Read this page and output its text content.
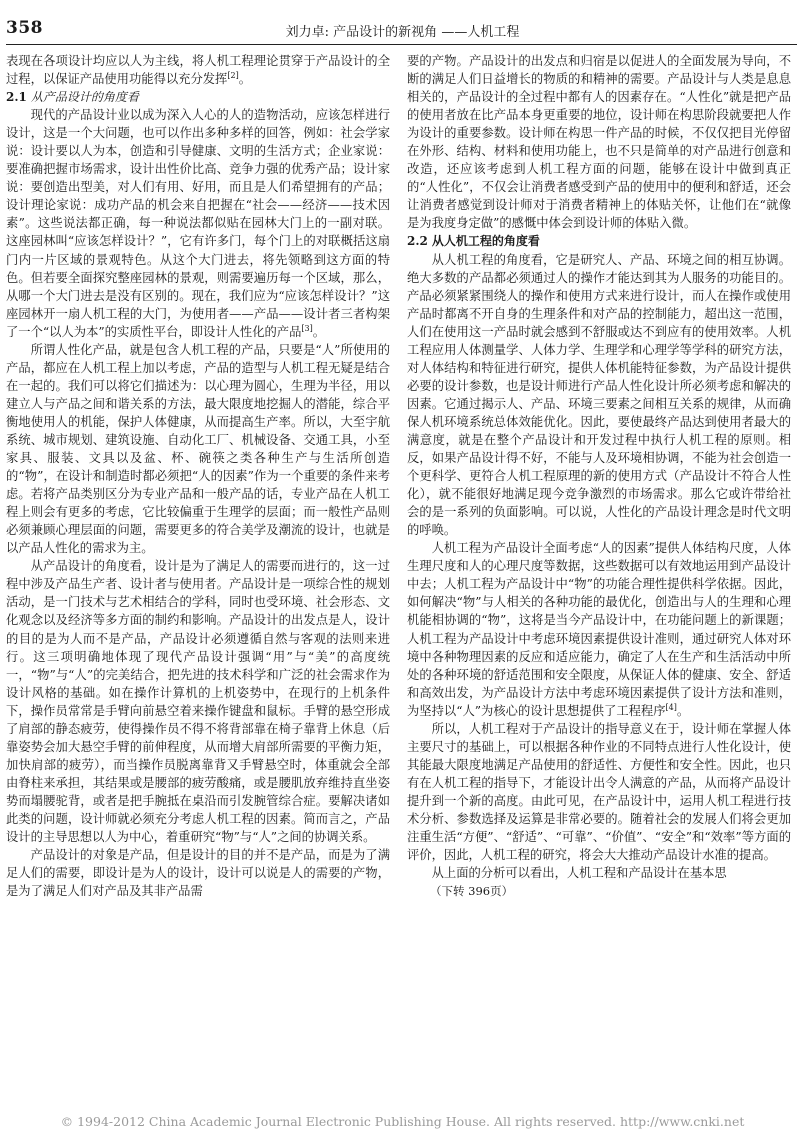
358	刘力卓: 产品设计的新视角 ——人机工程

表现在各项设计均应以人为主线，将人机工程理论贯穿于产品设计的全过程，以保证产品使用功能得以充分发挥[2]。

2.1 从产品设计的角度看

现代的产品设计业以成为深入人心的人的造物活动，应该怎样进行设计，这是一个大问题，也可以作出多种多样的回答，例如：社会学家说：设计要以人为本，创造和引导健康、文明的生活方式；企业家说：要准确把握市场需求，设计出性价比高、竞争力强的优秀产品；设计家说：要创造出型美，对人们有用、好用，而且是人们希望拥有的产品；设计理论家说：成功产品的机会来自把握在“社会——经济——技术因素”。这些说法都正确，每一种说法都似贴在园林大门上的一副对联。这座园林叫“应该怎样设计？”，它有许多门，每个门上的对联概括这扇门内一片区域的景观特色。从这个大门进去，将先领略到这方面的特色。但若要全面探究整座园林的景观，则需要遍历每一个区域，那么，从哪一个大门进去是没有区别的。现在，我们应为“应该怎样设计？”这座园林开一扇人机工程的大门，为使用者——产品——设计者三者构架了一个“以人为本”的实质性平台，即设计人性化的产品[3]。

所谓人性化产品，就是包含人机工程的产品，只要是“人”所使用的产品，都应在人机工程上加以考虑，产品的造型与人机工程无疑是结合在一起的。我们可以将它们描述为：以心理为圆心，生理为半径，用以建立人与产品之间和谐关系的方法，最大限度地挖掘人的潜能，综合平衡地使用人的机能，保护人体健康，从而提高生产率。所以，大至宇航系统、城市规划、建筑设施、自动化工厂、机械设备、交通工具，小至家具、服装、文具以及盆、杯、碗筷之类各种生产与生活所创造的“物”，在设计和制造时都必须把“人的因素”作为一个重要的条件来考虑。若将产品类别区分为专业产品和一般产品的话，专业产品在人机工程上则会有更多的考虑，它比较偏重于生理学的层面；而一般性产品则必须兼顾心理层面的问题，需要更多的符合美学及潮流的设计，也就是以产品人性化的需求为主。

从产品设计的角度看，设计是为了满足人的需要而进行的，这一过程中涉及产品生产者、设计者与使用者。产品设计是一项综合性的规划活动，是一门技术与艺术相结合的学科，同时也受环境、社会形态、文化观念以及经济等多方面的制约和影响。产品设计的出发点是人，设计的目的是为人而不是产品，产品设计必须遵循自然与客观的法则来进行。这三项明确地体现了现代产品设计强调“用”与“美”的高度统一，“物”与“人”的完美结合，把先进的技术科学和广泛的社会需求作为设计风格的基础。如在操作计算机的上机姿势中，在现行的上机条件下，操作员常常是手臂向前悬空着来操作键盘和鼠标。手臂的悬空形成了肩部的静态疲劳，使得操作员不得不将背部靠在椅子靠背上休息（后靠姿势会加大悬空手臂的前伸程度，从而增大肩部所需要的平衡力矩，加快肩部的疲劳），而当操作员脱离靠背又手臂悬空时，体重就会全部由脊柱来承担，其结果或是腰部的疲劳酸痛，或是腰肌放弃维持直坐姿势而塌腰驼背，或者是把手腕抵在桌沿而引发腕管综合症。要解决诸如此类的问题，设计师就必须充分考虑人机工程的因素。简而言之，产品设计的主导思想以人为中心，着重研究“物”与“人”之间的协调关系。

产品设计的对象是产品，但是设计的目的并不是产品，而是为了满足人们的需要，即设计是为人的设计，设计可以说是人的需要的产物，是为了满足人们对产品及其非产品需

要的产物。产品设计的出发点和归宿是以促进人的全面发展为导向，不断的满足人们日益增长的物质的和精神的需要。产品设计与人类是息息相关的，产品设计的全过程中都有人的因素存在。“人性化”就是把产品的使用者放在比产品本身更重要的地位，设计师在构思阶段就要把人作为设计的重要参数。设计师在构思一件产品的时候，不仅仅把目光停留在外形、结构、材料和使用功能上，也不只是简单的对产品进行创意和改造，还应该考虑到人机工程方面的问题，能够在设计中做到真正的“人性化”，不仅会让消费者感受到产品的使用中的便利和舒适，还会让消费者感觉到设计师对于消费者精神上的体贴关怀，让他们在“就像是为我度身定做”的感慨中体会到设计师的体贴入微。

2.2 从人机工程的角度看

从人机工程的角度看，它是研究人、产品、环境之间的相互协调。绝大多数的产品都必须通过人的操作才能达到其为人服务的功能目的。产品必须紧紧围绕人的操作和使用方式来进行设计，而人在操作或使用产品时都离不开自身的生理条件和对产品的控制能力，超出这一范围，人们在使用这一产品时就会感到不舒服或达不到应有的使用效率。人机工程应用人体测量学、人体力学、生理学和心理学等学科的研究方法，对人体结构和特征进行研究，提供人体机能特征参数，为产品设计提供必要的设计参数，也是设计师进行产品人性化设计所必须考虑和解决的因素。它通过揭示人、产品、环境三要素之间相互关系的规律，从而确保人机环境系统总体效能优化。因此，要使最终产品达到使用者最大的满意度，就是在整个产品设计和开发过程中执行人机工程的原则。相反，如果产品设计得不好，不能与人及环境相协调，不能为社会创造一个更科学、更符合人机工程原理的新的使用方式（产品设计不符合人性化），就不能很好地满足现今竞争激烈的市场需求。那么它或许带给社会的是一系列的负面影响。可以说，人性化的产品设计理念是时代文明的呼唤。

人机工程为产品设计全面考虑“人的因素”提供人体结构尺度，人体生理尺度和人的心理尺度等数据，这些数据可以有效地运用到产品设计中去；人机工程为产品设计中“物”的功能合理性提供科学依据。因此，如何解决“物”与人相关的各种功能的最优化，创造出与人的生理和心理机能相协调的“物”，这将是当今产品设计中，在功能问题上的新课题；人机工程为产品设计中考虑环境因素提供设计准则，通过研究人体对环境中各种物理因素的反应和适应能力，确定了人在生产和生活活动中所处的各种环境的舒适范围和安全限度，从保证人体的健康、安全、舒适和高效出发，为产品设计方法中考虑环境因素提供了设计方法和准则，为坚持以“人”为核心的设计思想提供了工程程序[4]。

所以，人机工程对于产品设计的指导意义在于，设计师在掌握人体主要尺寸的基础上，可以根据各种作业的不同特点进行人性化设计，使其能最大限度地满足产品使用的舒适性、方便性和安全性。因此，也只有在人机工程的指导下，才能设计出令人满意的产品，从而将产品设计提升到一个新的高度。由此可见，在产品设计中，运用人机工程进行技术分析、参数选择及运算是非常必要的。随着社会的发展人们将会更加注重生活“方便”、“舒适”、“可靠”、“价值”、“安全”和“效率”等方面的评价，因此，人机工程的研究，将会大大推动产品设计水准的提高。

从上面的分析可以看出，人机工程和产品设计在基本思

（下转 396页）

© 1994-2012 China Academic Journal Electronic Publishing House. All rights reserved. http://www.cnki.net
